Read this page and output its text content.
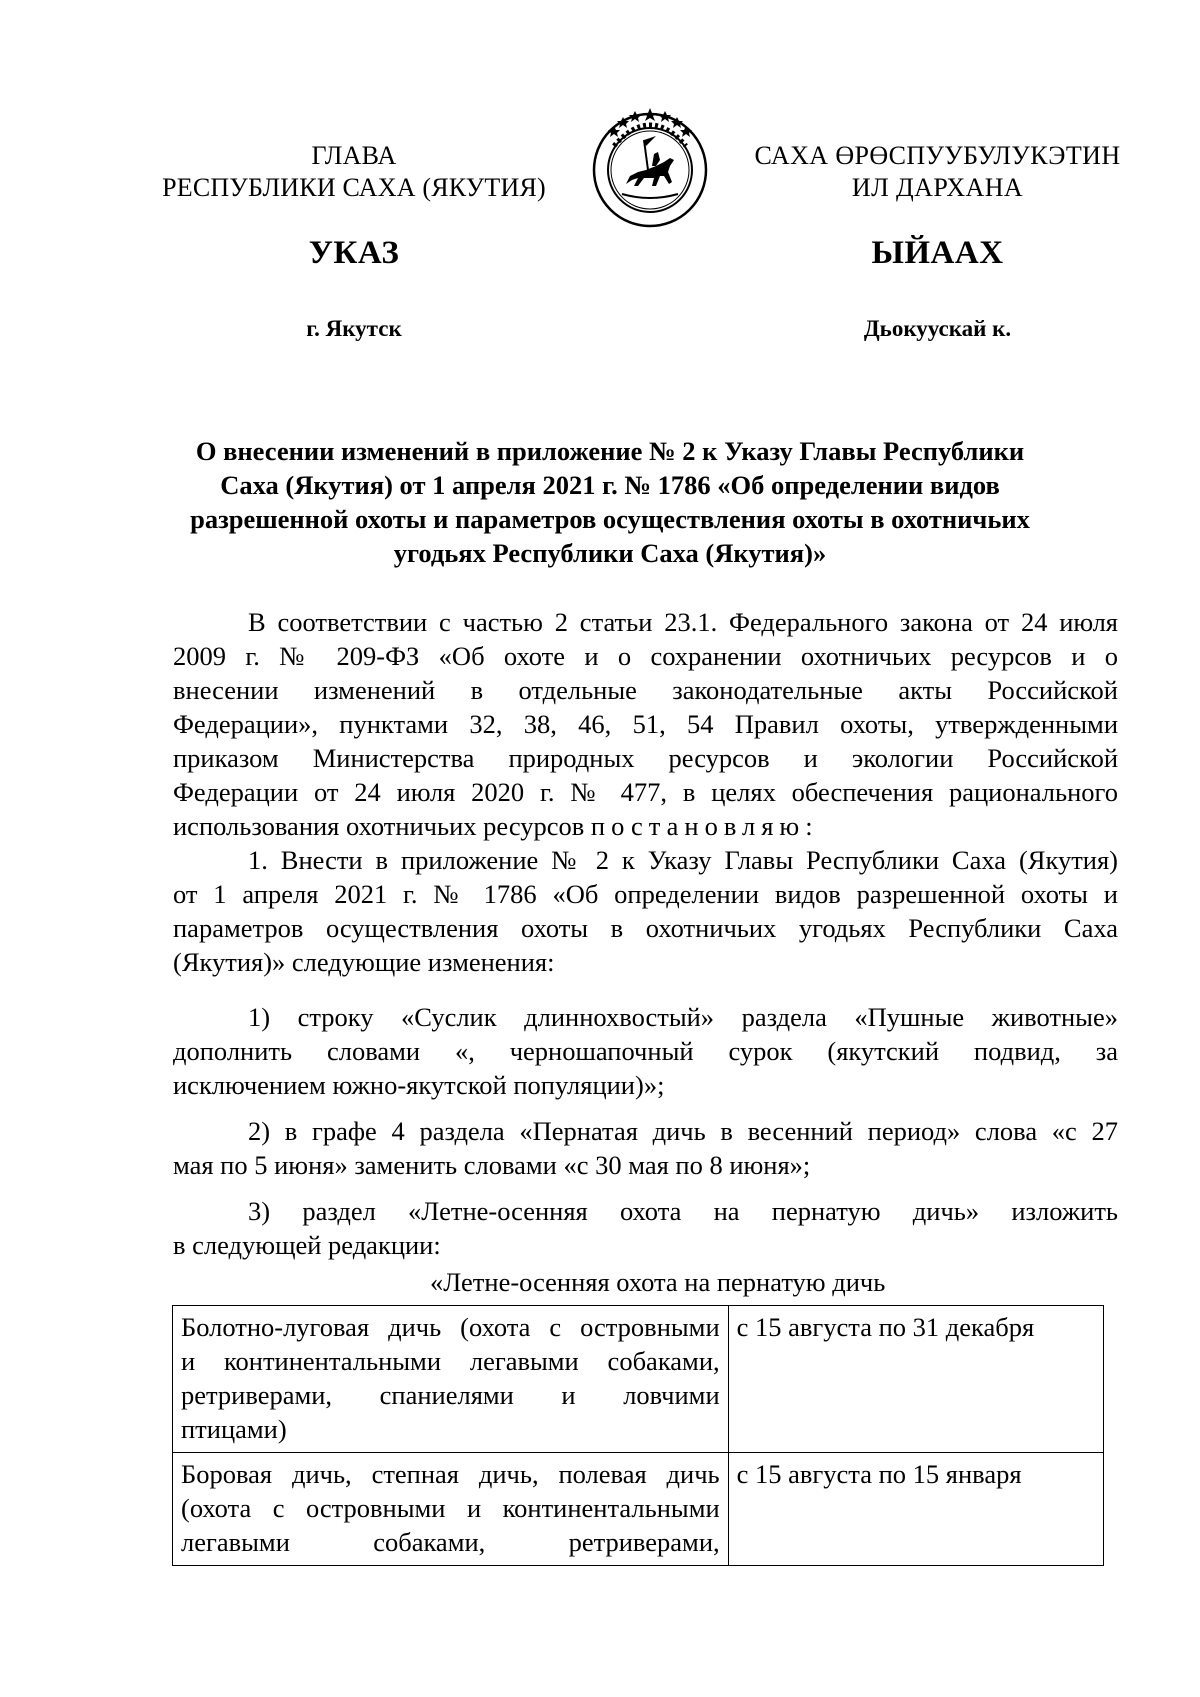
ГЛАВА
РЕСПУБЛИКИ САХА (ЯКУТИЯ)
САХА ӨРӨСПУУБУЛУКЭТИН
ИЛ ДАРХАНА
УКАЗ	ЫЙААХ
г. Якутск	Дьокуускай к.
О внесении изменений в приложение № 2 к Указу Главы Республики
Саха (Якутия) от 1 апреля 2021 г. № 1786 «Об определении видов
разрешенной охоты и параметров осуществления охоты в охотничьих
угодьях Республики Саха (Якутия)»
В соответствии с частью 2 статьи 23.1. Федерального закона от 24 июля
2009 г. № 209-ФЗ «Об охоте и о сохранении охотничьих ресурсов и о
внесении изменений в отдельные законодательные акты Российской
Федерации», пунктами 32, 38, 46, 51, 54 Правил охоты, утвержденными
приказом Министерства природных ресурсов и экологии Российской
Федерации от 24 июля 2020 г. № 477, в целях обеспечения рационального
использования охотничьих ресурсов постановляю:
1. Внести в приложение № 2 к Указу Главы Республики Саха (Якутия)
от 1 апреля 2021 г. № 1786 «Об определении видов разрешенной охоты и
параметров осуществления охоты в охотничьих угодьях Республики Саха
(Якутия)» следующие изменения:
1) строку «Суслик длиннохвостый» раздела «Пушные животные»
дополнить словами «, черношапочный сурок (якутский подвид, за
исключением южно-якутской популяции)»;
2) в графе 4 раздела «Пернатая дичь в весенний период» слова «с 27
мая по 5 июня» заменить словами «с 30 мая по 8 июня»;
3) раздел «Летне-осенняя охота на пернатую дичь» изложить
в следующей редакции:
«Летне-осенняя охота на пернатую дичь
Болотно-луговая дичь (охота с островными
и континентальными легавыми собаками,
ретриверами, спаниелями и ловчими
птицами)	с 15 августа по 31 декабря

Боровая дичь, степная дичь, полевая дичь
(охота с островными и континентальными
легавыми собаками, ретриверами,	с 15 августа по 15 января
